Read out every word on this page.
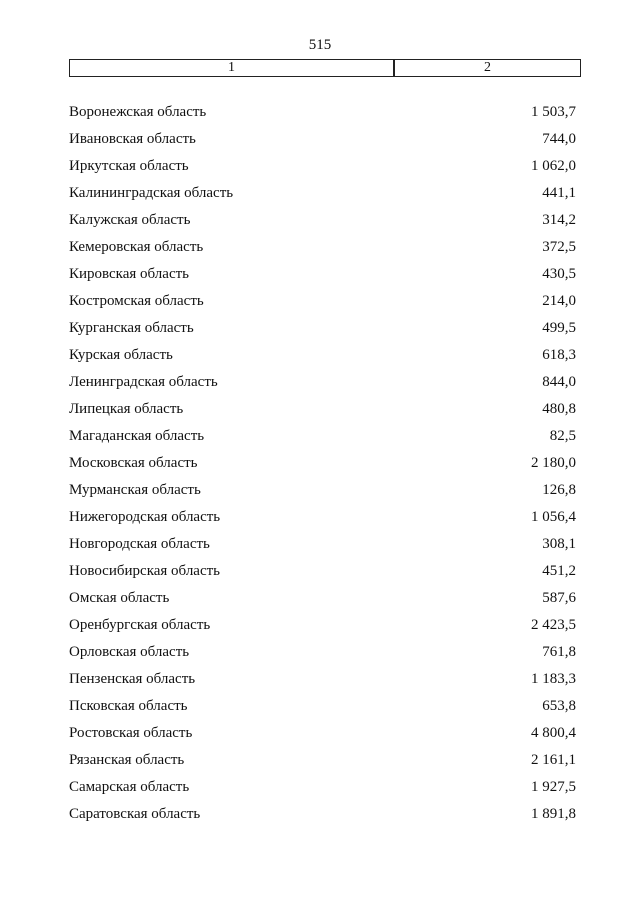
515
1	2
Воронежская область	1 503,7
Ивановская область	744,0
Иркутская область	1 062,0
Калининградская область	441,1
Калужская область	314,2
Кемеровская область	372,5
Кировская область	430,5
Костромская область	214,0
Курганская область	499,5
Курская область	618,3
Ленинградская область	844,0
Липецкая область	480,8
Магаданская область	82,5
Московская область	2 180,0
Мурманская область	126,8
Нижегородская область	1 056,4
Новгородская область	308,1
Новосибирская область	451,2
Омская область	587,6
Оренбургская область	2 423,5
Орловская область	761,8
Пензенская область	1 183,3
Псковская область	653,8
Ростовская область	4 800,4
Рязанская область	2 161,1
Самарская область	1 927,5
Саратовская область	1 891,8
